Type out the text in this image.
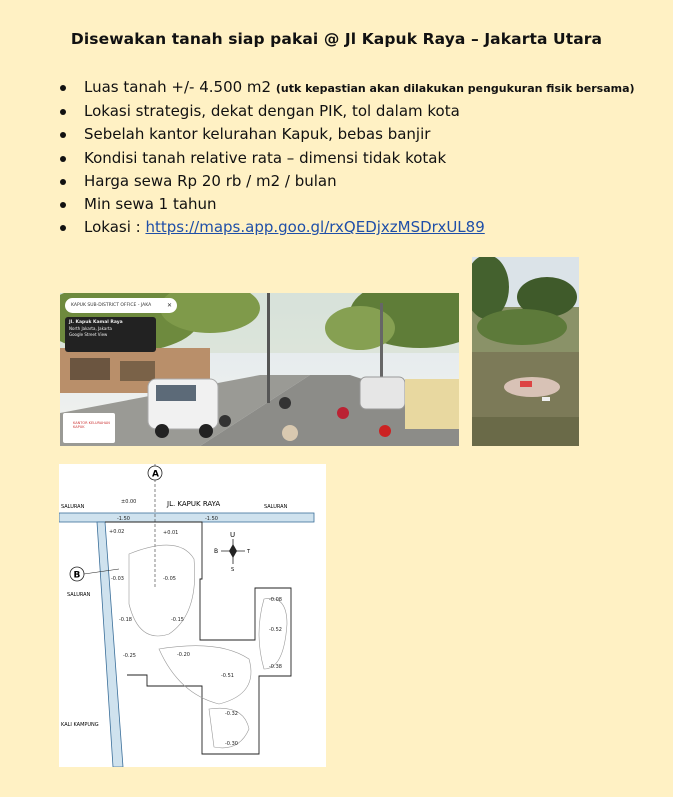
Disewakan tanah siap pakai @ Jl Kapuk Raya – Jakarta Utara
Luas tanah +/- 4.500 m2 (utk kepastian akan dilakukan pengukuran fisik bersama)
Lokasi strategis, dekat dengan PIK, tol dalam kota
Sebelah kantor kelurahan Kapuk, bebas banjir
Kondisi tanah relative rata – dimensi tidak kotak
Harga sewa Rp 20 rb / m2 / bulan
Min sewa 1 tahun
Lokasi : https://maps.app.goo.gl/rxQEDjxzMSDrxUL89
KAPUK SUB-DISTRICT OFFICE - JAKA	✕
Jl. Kapuk Kamal Raya
North Jakarta, Jakarta
Google Street View
KANTOR KELURAHAN KAPUK
A
B
JL. KAPUK RAYA
SALURAN	SALURAN
SALURAN
KALI KAMPUNG
U
S
B	T
±0.00
+0.02	+0.01
-0.03	-0.05
-0.18	-0.15
-0.25	-0.20
-0.08
-0.52
-0.38
-0.51
-0.32
-0.30
-1.50	-1.50
